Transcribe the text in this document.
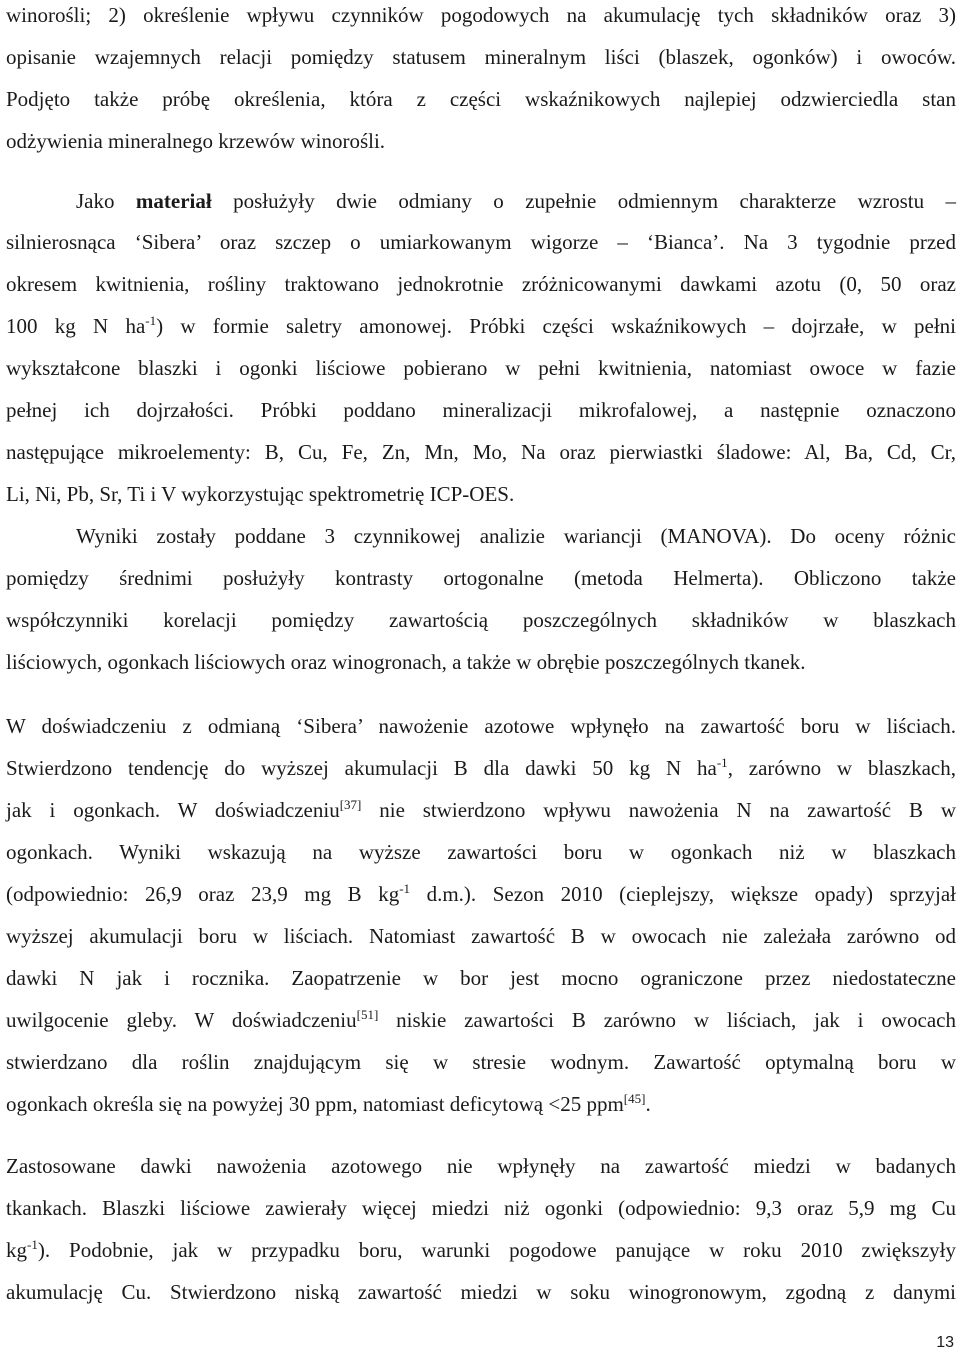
winorośli; 2) określenie wpływu czynników pogodowych na akumulację tych składników oraz 3)
opisanie wzajemnych relacji pomiędzy statusem mineralnym liści (blaszek, ogonków) i owoców.
Podjęto także próbę określenia, która z części wskaźnikowych najlepiej odzwierciedla stan
odżywienia mineralnego krzewów winorośli.
Jako materiał posłużyły dwie odmiany o zupełnie odmiennym charakterze wzrostu –
silnierosnąca ‘Sibera’ oraz szczep o umiarkowanym wigorze – ‘Bianca’. Na 3 tygodnie przed
okresem kwitnienia, rośliny traktowano jednokrotnie zróżnicowanymi dawkami azotu (0, 50 oraz
100 kg N $ha^{-1}$) w formie saletry amonowej. Próbki części wskaźnikowych – dojrzałe, w pełni
wykształcone blaszki i ogonki liściowe pobierano w pełni kwitnienia, natomiast owoce w fazie
pełnej ich dojrzałości. Próbki poddano mineralizacji mikrofalowej, a następnie oznaczono
następujące mikroelementy: B, Cu, Fe, Zn, Mn, Mo, Na oraz pierwiastki śladowe: Al, Ba, Cd, Cr,
Li, Ni, Pb, Sr, Ti i V wykorzystując spektrometrię ICP-OES.
Wyniki zostały poddane 3 czynnikowej analizie wariancji (MANOVA). Do oceny różnic
pomiędzy średnimi posłużyły kontrasty ortogonalne (metoda Helmerta). Obliczono także
współczynniki korelacji pomiędzy zawartością poszczególnych składników w blaszkach
liściowych, ogonkach liściowych oraz winogronach, a także w obrębie poszczególnych tkanek.
W doświadczeniu z odmianą ‘Sibera’ nawożenie azotowe wpłynęło na zawartość boru w liściach.
Stwierdzono tendencję do wyższej akumulacji B dla dawki 50 kg N $ha^{-1}$, zarówno w blaszkach,
jak i ogonkach. W doświadczeniu[37] nie stwierdzono wpływu nawożenia N na zawartość B w
ogonkach. Wyniki wskazują na wyższe zawartości boru w ogonkach niż w blaszkach
(odpowiednio: 26,9 oraz 23,9 mg B $kg^{-1}$ d.m.). Sezon 2010 (cieplejszy, większe opady) sprzyjał
wyższej akumulacji boru w liściach. Natomiast zawartość B w owocach nie zależała zarówno od
dawki N jak i rocznika. Zaopatrzenie w bor jest mocno ograniczone przez niedostateczne
uwilgocenie gleby. W doświadczeniu[51] niskie zawartości B zarówno w liściach, jak i owocach
stwierdzano dla roślin znajdującym się w stresie wodnym. Zawartość optymalną boru w
ogonkach określa się na powyżej 30 ppm, natomiast deficytową <25 ppm[45].
Zastosowane dawki nawożenia azotowego nie wpłynęły na zawartość miedzi w badanych
tkankach. Blaszki liściowe zawierały więcej miedzi niż ogonki (odpowiednio: 9,3 oraz 5,9 mg Cu
$kg^{-1}$). Podobnie, jak w przypadku boru, warunki pogodowe panujące w roku 2010 zwiększyły
akumulację Cu. Stwierdzono niską zawartość miedzi w soku winogronowym, zgodną z danymi
13
